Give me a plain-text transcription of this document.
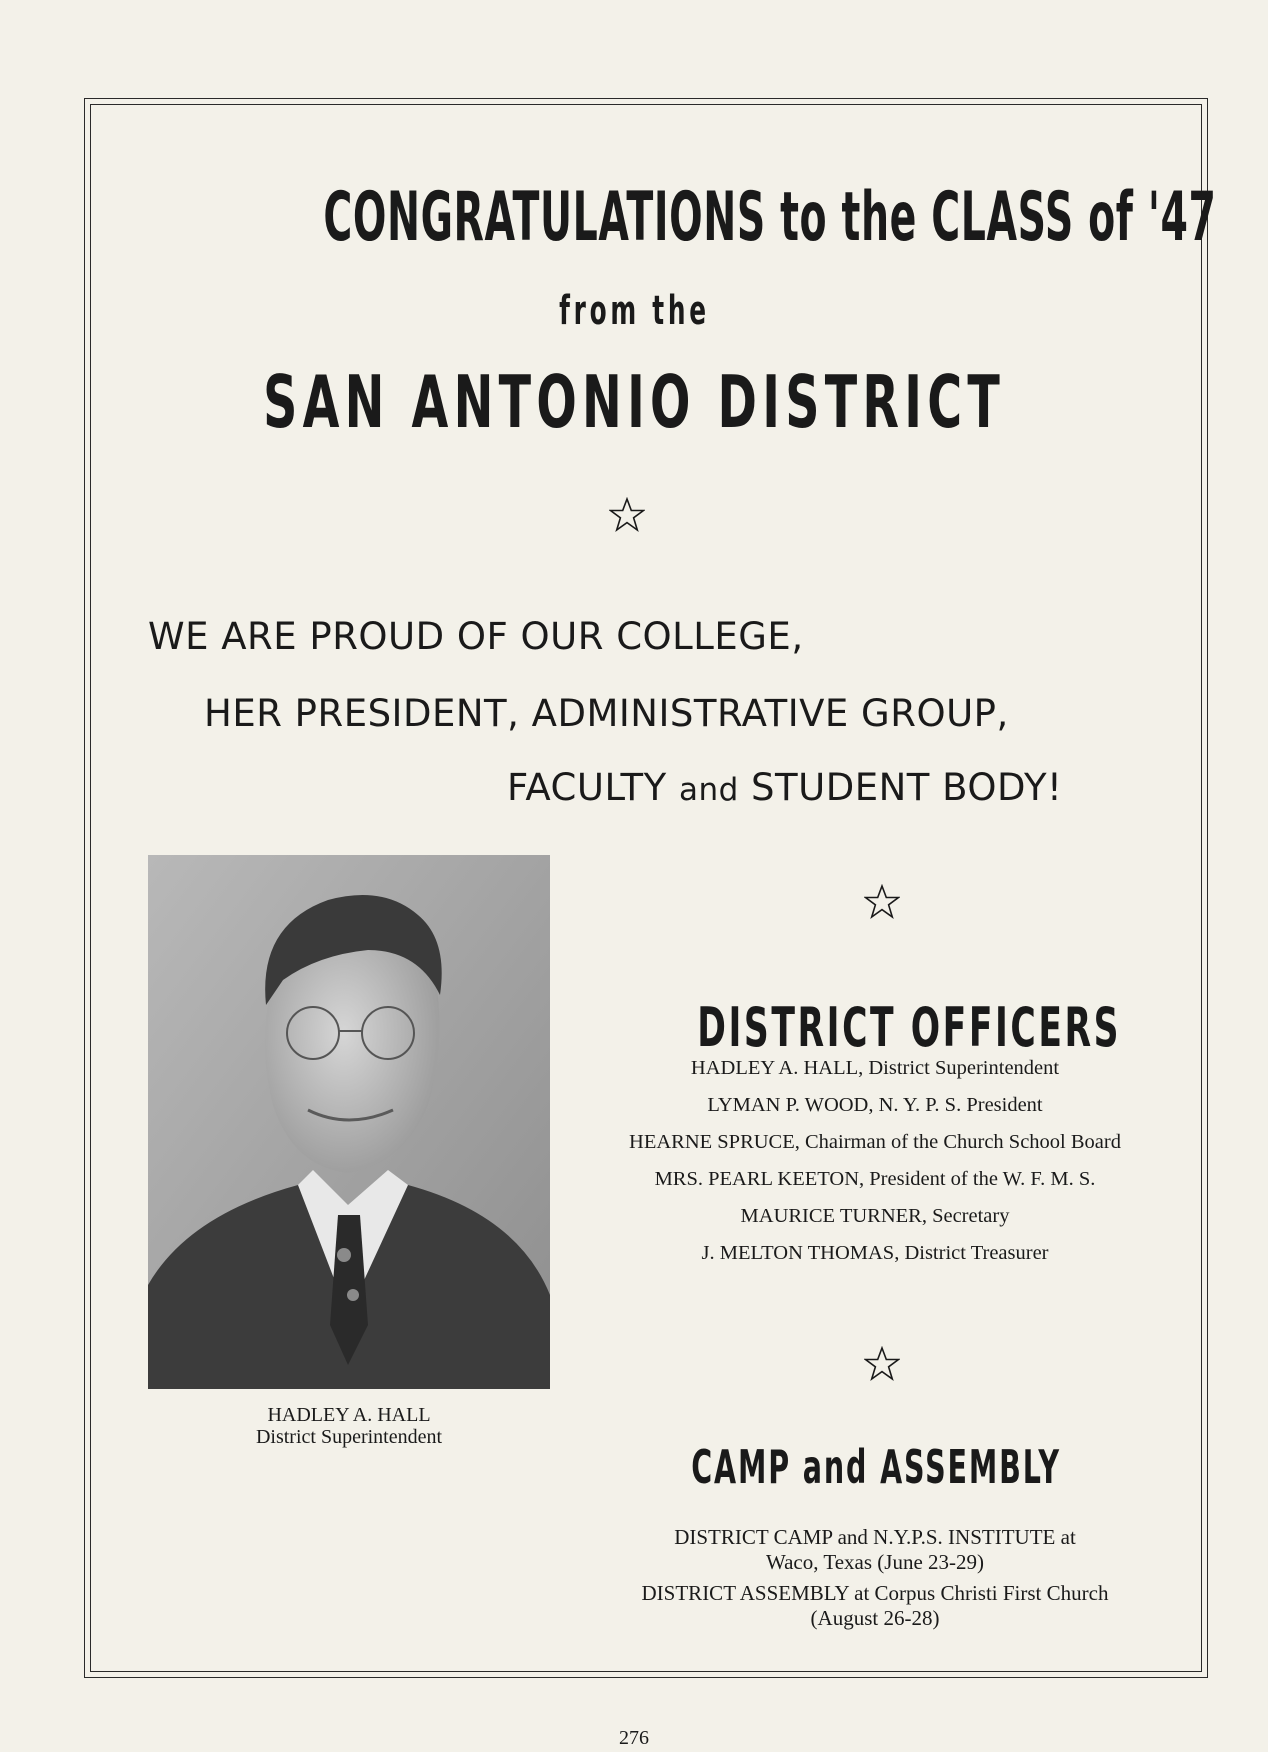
CONGRATULATIONS to the CLASS of '47
from the
SAN ANTONIO DISTRICT
WE ARE PROUD OF OUR COLLEGE,
HER PRESIDENT, ADMINISTRATIVE GROUP,
FACULTY and STUDENT BODY!
HADLEY A. HALL
District Superintendent
DISTRICT OFFICERS
HADLEY A. HALL, District Superintendent
LYMAN P. WOOD, N. Y. P. S. President
HEARNE SPRUCE, Chairman of the Church School Board
MRS. PEARL KEETON, President of the W. F. M. S.
MAURICE TURNER, Secretary
J. MELTON THOMAS, District Treasurer
CAMP and ASSEMBLY
DISTRICT CAMP and N.Y.P.S. INSTITUTE at
Waco, Texas (June 23-29)
DISTRICT ASSEMBLY at Corpus Christi First Church
(August 26-28)
276
